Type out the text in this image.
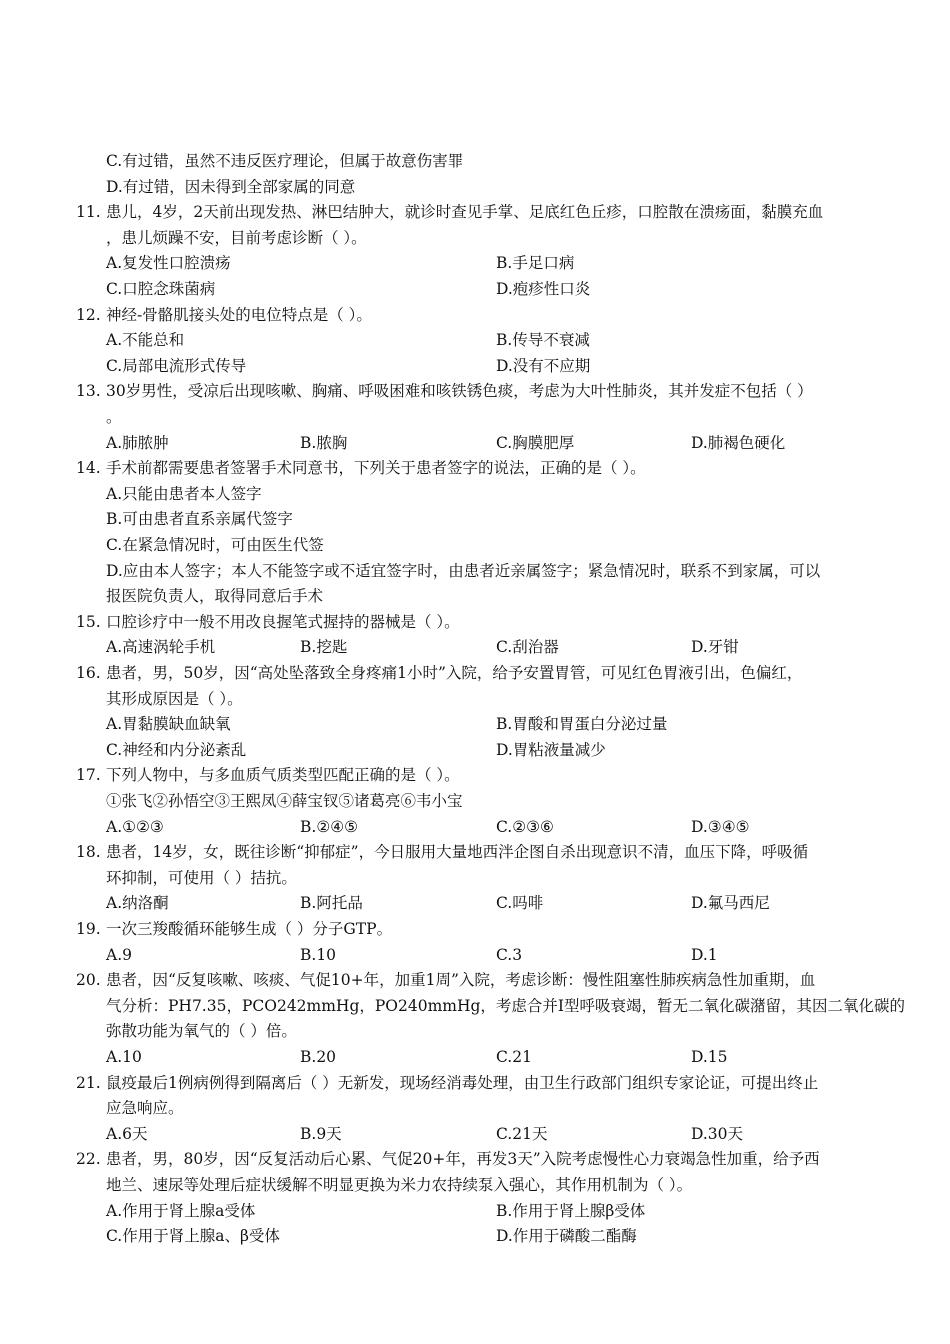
C.有过错，虽然不违反医疗理论，但属于故意伤害罪
D.有过错，因未得到全部家属的同意
11. 患儿，4岁，2天前出现发热、淋巴结肿大，就诊时查见手掌、足底红色丘疹，口腔散在溃疡面，黏膜充血
，患儿烦躁不安，目前考虑诊断（ ）。
A.复发性口腔溃疡	B.手足口病
C.口腔念珠菌病	D.疱疹性口炎
12. 神经-骨骼肌接头处的电位特点是（ ）。
A.不能总和	B.传导不衰减
C.局部电流形式传导	D.没有不应期
13. 30岁男性，受凉后出现咳嗽、胸痛、呼吸困难和咳铁锈色痰，考虑为大叶性肺炎，其并发症不包括（ ）
。
A.肺脓肿	B.脓胸	C.胸膜肥厚	D.肺褐色硬化
14. 手术前都需要患者签署手术同意书，下列关于患者签字的说法，正确的是（ ）。
A.只能由患者本人签字
B.可由患者直系亲属代签字
C.在紧急情况时，可由医生代签
D.应由本人签字；本人不能签字或不适宜签字时，由患者近亲属签字；紧急情况时，联系不到家属，可以
报医院负责人，取得同意后手术
15. 口腔诊疗中一般不用改良握笔式握持的器械是（ ）。
A.高速涡轮手机	B.挖匙	C.刮治器	D.牙钳
16. 患者，男，50岁，因“高处坠落致全身疼痛1小时”入院，给予安置胃管，可见红色胃液引出，色偏红，
其形成原因是（ ）。
A.胃黏膜缺血缺氧	B.胃酸和胃蛋白分泌过量
C.神经和内分泌紊乱	D.胃粘液量减少
17. 下列人物中，与多血质气质类型匹配正确的是（ ）。
①张飞②孙悟空③王熙凤④薛宝钗⑤诸葛亮⑥韦小宝
A.①②③	B.②④⑤	C.②③⑥	D.③④⑤
18. 患者，14岁，女，既往诊断“抑郁症”，今日服用大量地西泮企图自杀出现意识不清，血压下降，呼吸循
环抑制，可使用（ ）拮抗。
A.纳洛酮	B.阿托品	C.吗啡	D.氟马西尼
19. 一次三羧酸循环能够生成（ ）分子GTP。
A.9	B.10	C.3	D.1
20. 患者，因“反复咳嗽、咳痰、气促10+年，加重1周”入院，考虑诊断：慢性阻塞性肺疾病急性加重期，血
气分析：PH7.35，PCO242mmHg，PO240mmHg，考虑合并I型呼吸衰竭，暂无二氧化碳潴留，其因二氧化碳的
弥散功能为氧气的（ ）倍。
A.10	B.20	C.21	D.15
21. 鼠疫最后1例病例得到隔离后（ ）无新发，现场经消毒处理，由卫生行政部门组织专家论证，可提出终止
应急响应。
A.6天	B.9天	C.21天	D.30天
22. 患者，男，80岁，因“反复活动后心累、气促20+年，再发3天”入院考虑慢性心力衰竭急性加重，给予西
地兰、速尿等处理后症状缓解不明显更换为米力农持续泵入强心，其作用机制为（ ）。
A.作用于肾上腺a受体	B.作用于肾上腺β受体
C.作用于肾上腺a、β受体	D.作用于磷酸二酯酶
